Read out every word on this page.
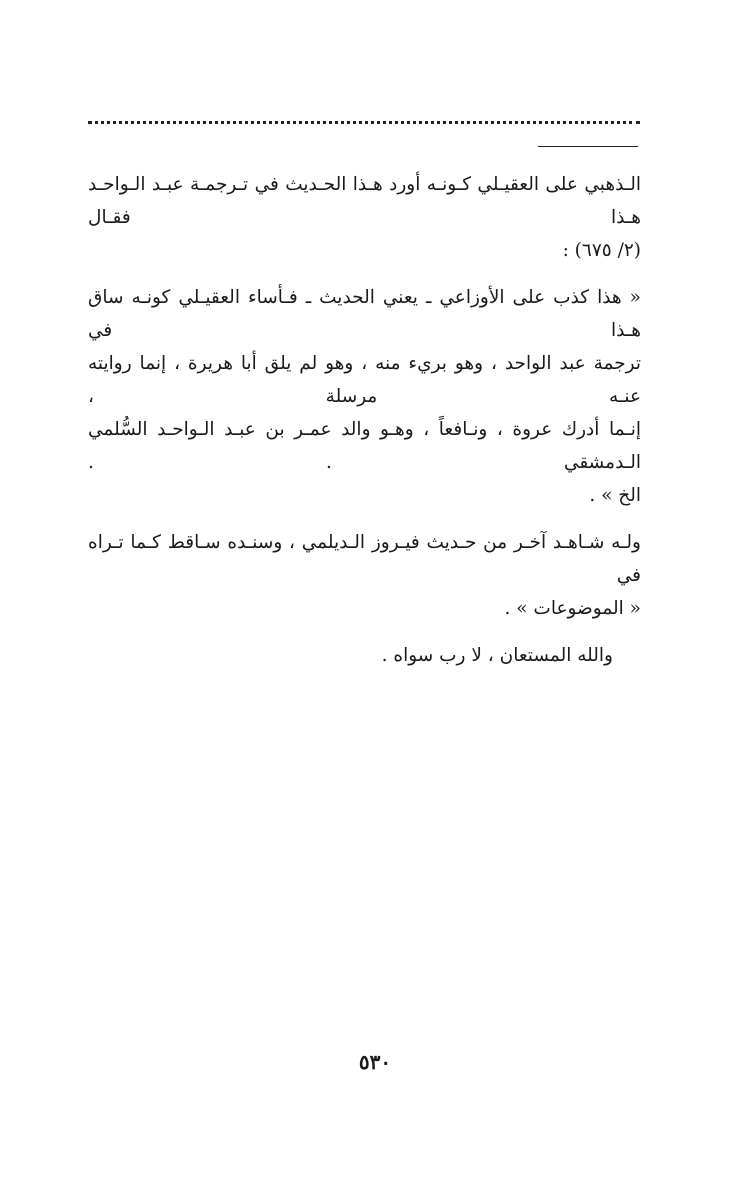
الـذهبي على العقيـلي كـونـه أورد هـذا الحـديث في تـرجمـة عبـد الـواحـد هـذا فقـال
(٢/ ٦٧٥) :

« هذا كذب على الأوزاعي ـ يعني الحديث ـ فـأساء العقيـلي كونـه ساق هـذا في
ترجمة عبد الواحد ، وهو بريء منه ، وهو لم يلق أبا هريرة ، إنما روايته عنـه مرسلة ،
إنـما أدرك عروة ، ونـافعاً ، وهـو والد عمـر بن عبـد الـواحـد السُّلمي الـدمشقي . .
الخ » .

ولـه شـاهـد آخـر من حـديث فيـروز الـديلمي ، وسنـده سـاقط كـما تـراه في
« الموضوعات » .

والله المستعان ، لا رب سواه .

٥٣٠
